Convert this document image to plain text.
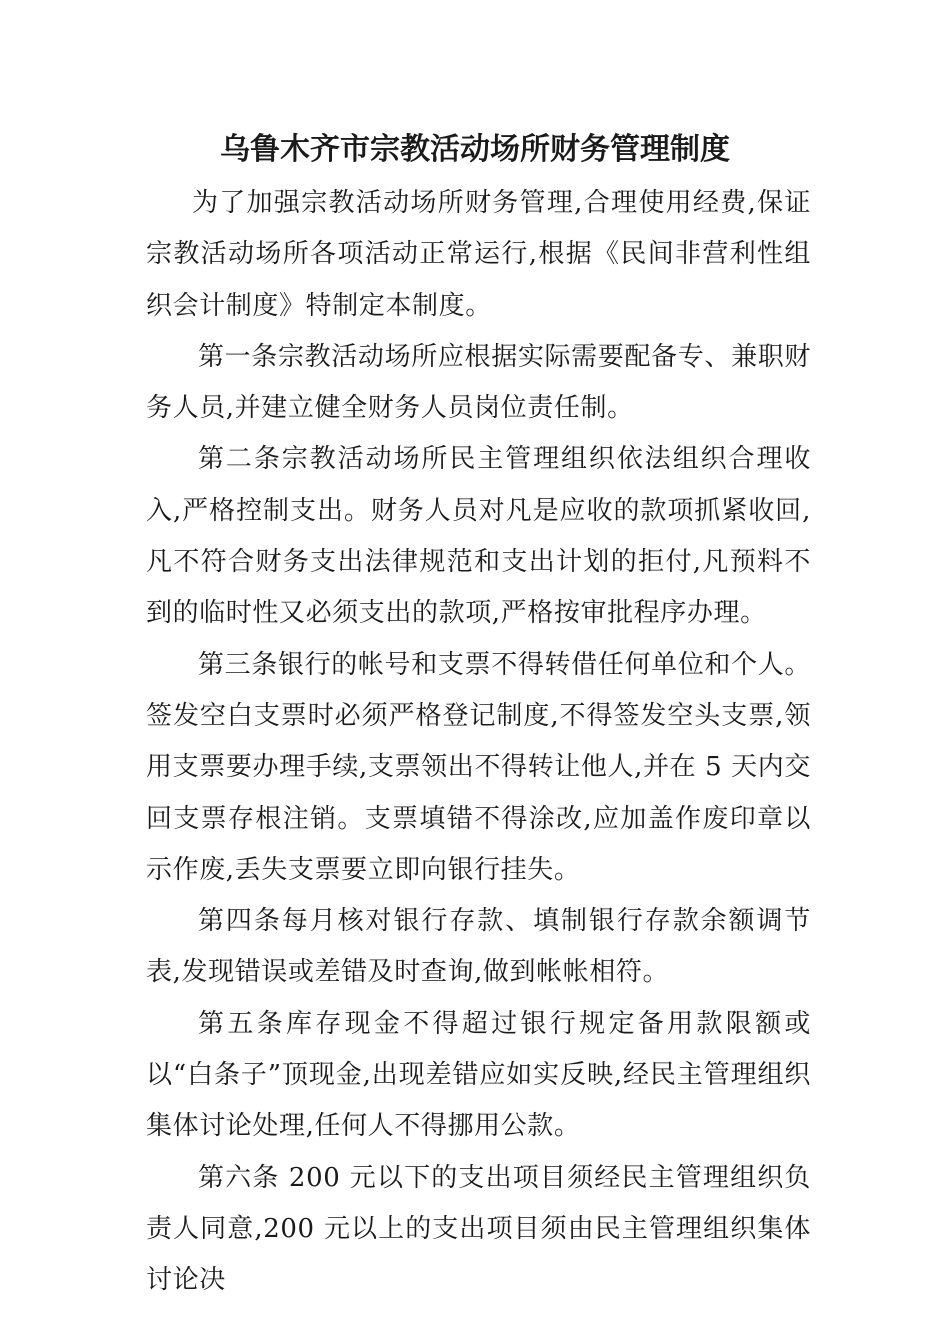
乌鲁木齐市宗教活动场所财务管理制度

为了加强宗教活动场所财务管理,合理使用经费,保证宗教活动场所各项活动正常运行,根据《民间非营利性组织会计制度》特制定本制度。

第一条宗教活动场所应根据实际需要配备专、兼职财务人员,并建立健全财务人员岗位责任制。

第二条宗教活动场所民主管理组织依法组织合理收入,严格控制支出。财务人员对凡是应收的款项抓紧收回,凡不符合财务支出法律规范和支出计划的拒付,凡预料不到的临时性又必须支出的款项,严格按审批程序办理。

第三条银行的帐号和支票不得转借任何单位和个人。签发空白支票时必须严格登记制度,不得签发空头支票,领用支票要办理手续,支票领出不得转让他人,并在 5 天内交回支票存根注销。支票填错不得涂改,应加盖作废印章以示作废,丢失支票要立即向银行挂失。

第四条每月核对银行存款、填制银行存款余额调节表,发现错误或差错及时查询,做到帐帐相符。

第五条库存现金不得超过银行规定备用款限额或以“白条子”顶现金,出现差错应如实反映,经民主管理组织集体讨论处理,任何人不得挪用公款。

第六条 200 元以下的支出项目须经民主管理组织负责人同意,200 元以上的支出项目须由民主管理组织集体讨论决
